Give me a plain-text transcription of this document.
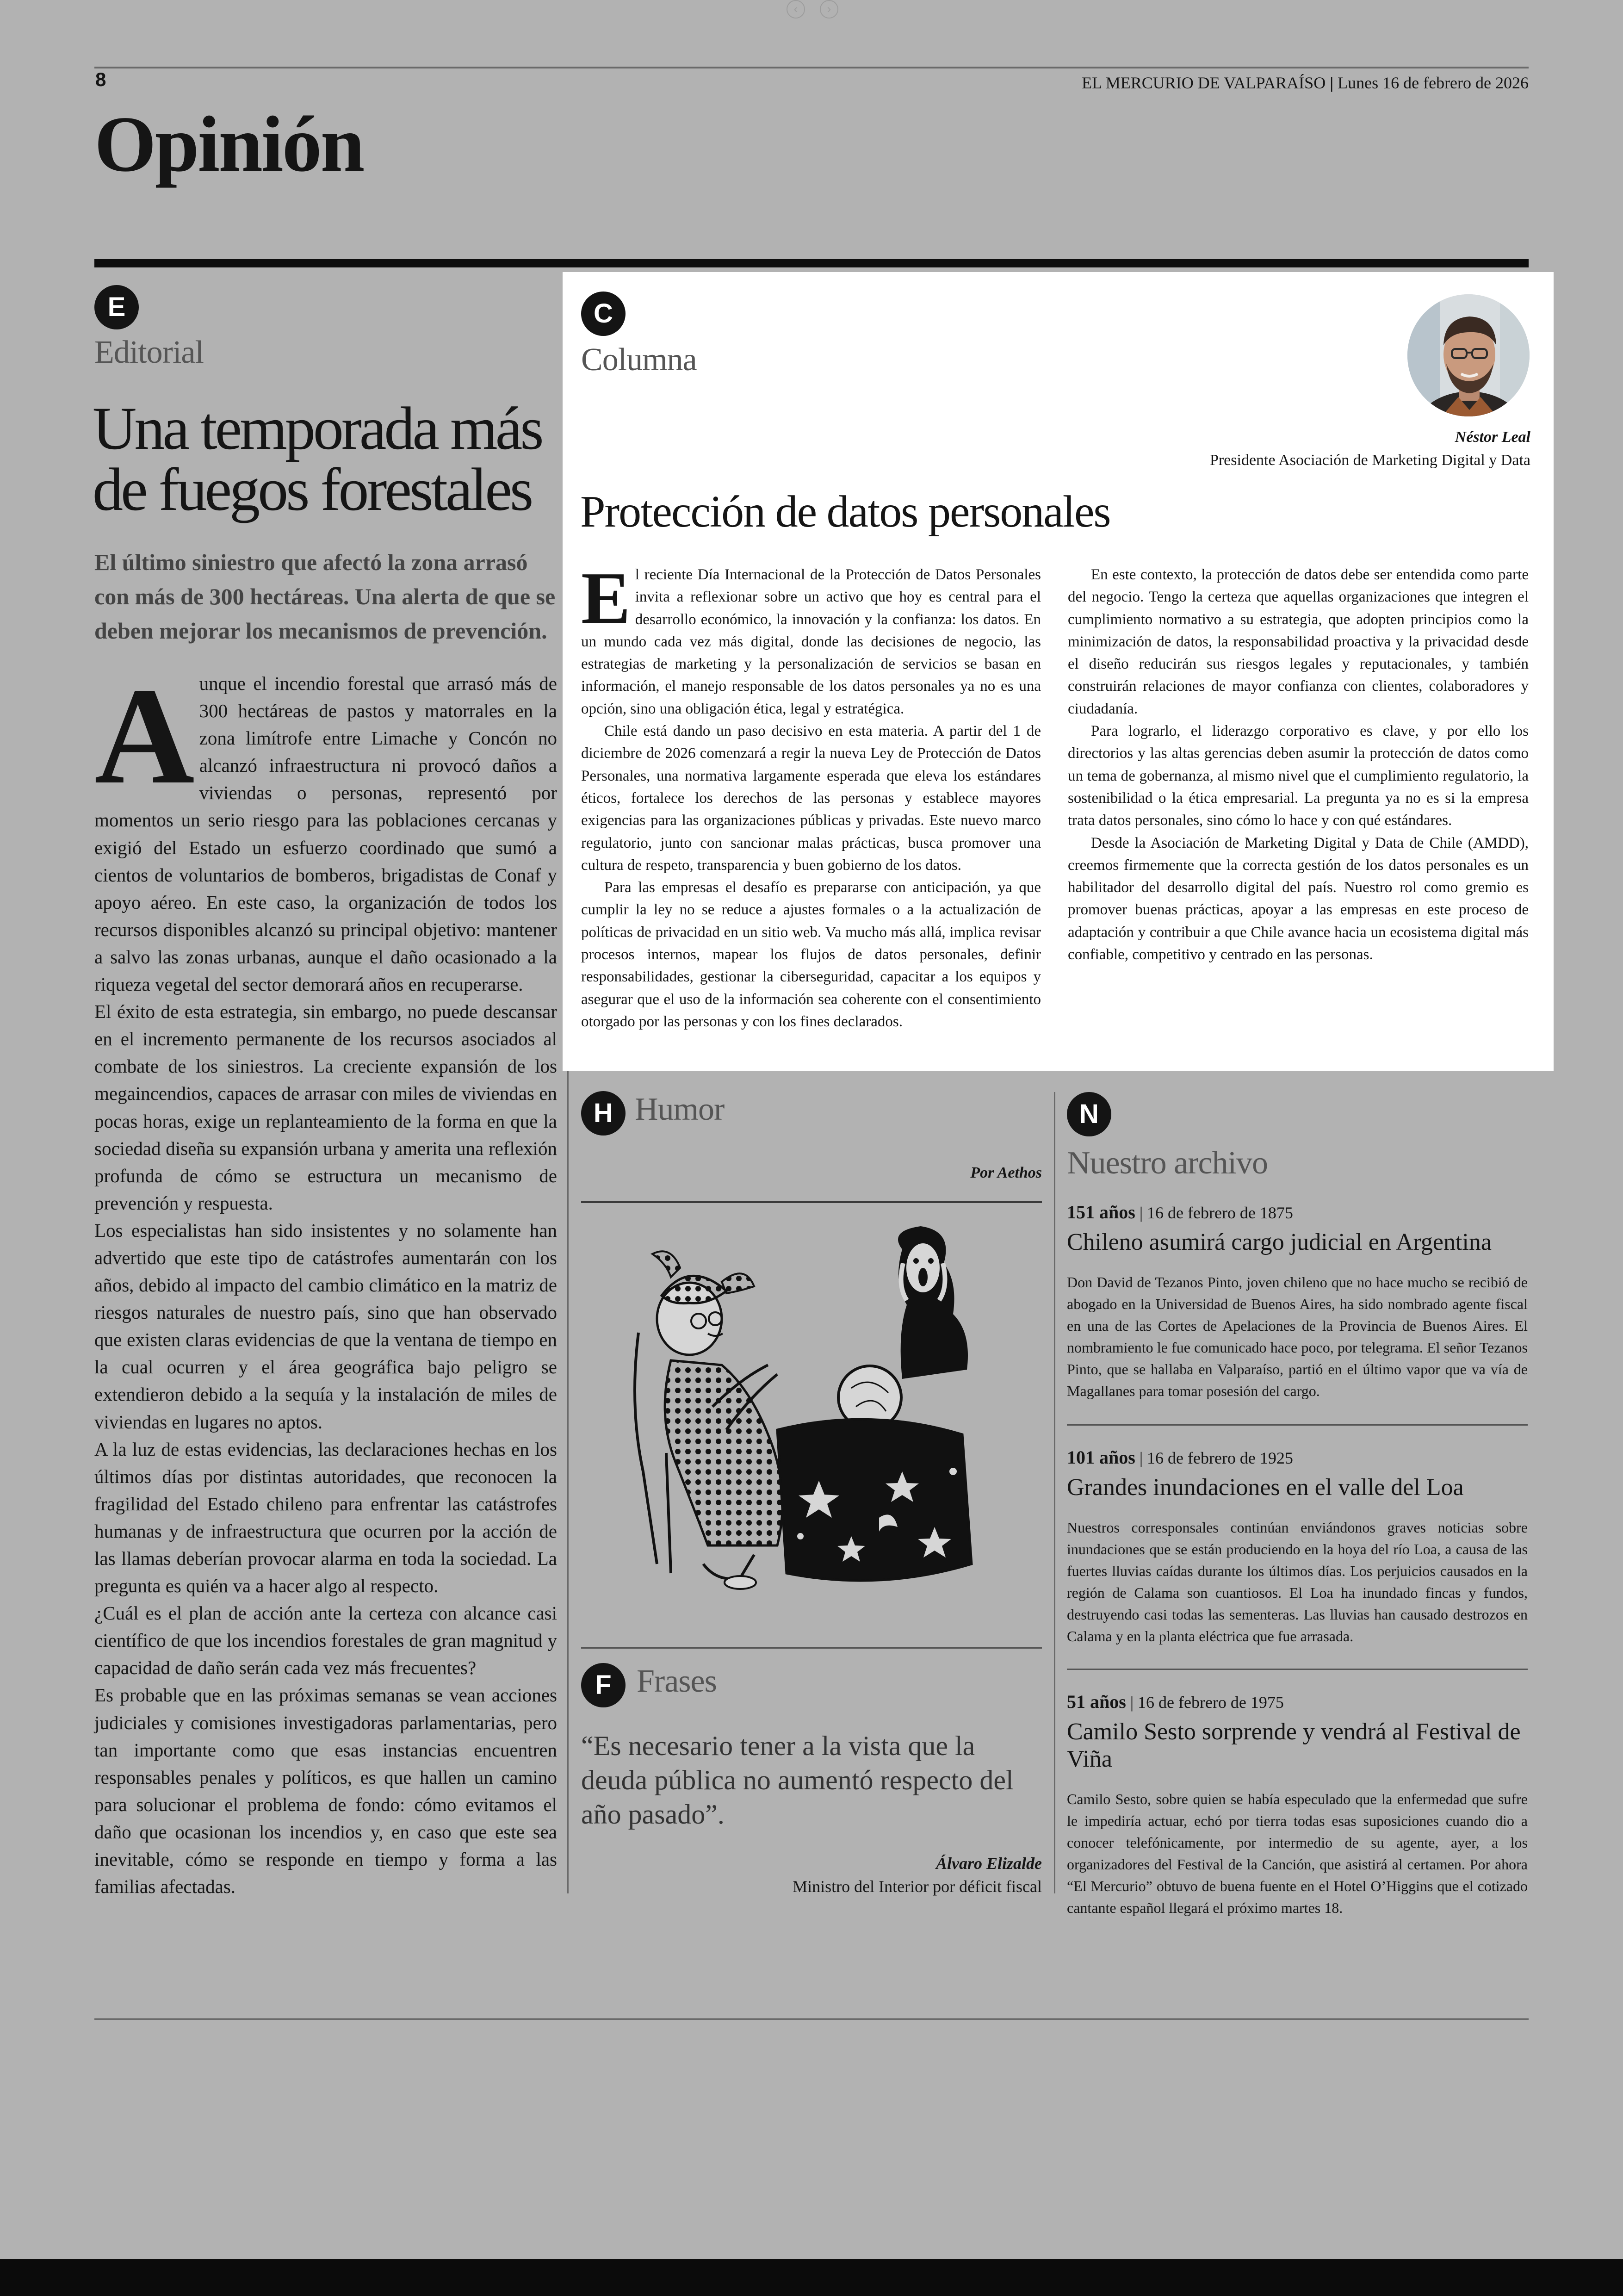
‹	›
8	EL MERCURIO DE VALPARAÍSO | Lunes 16 de febrero de 2026
Opinión
E
Editorial
Una temporada más
de fuegos forestales
El último siniestro que afectó la zona arrasó con más de 300 hectáreas. Una alerta de que se deben mejorar los mecanismos de prevención.

Aunque el incendio forestal que arrasó más de 300 hectáreas de pastos y matorrales en la zona limítrofe entre Limache y Concón no alcanzó infraestructura ni provocó daños a viviendas o personas, representó por momentos un serio riesgo para las poblaciones cercanas y exigió del Estado un esfuerzo coordinado que sumó a cientos de voluntarios de bomberos, brigadistas de Conaf y apoyo aéreo. En este caso, la organización de todos los recursos disponibles alcanzó su principal objetivo: mantener a salvo las zonas urbanas, aunque el daño ocasionado a la riqueza vegetal del sector demorará años en recuperarse.

El éxito de esta estrategia, sin embargo, no puede descansar en el incremento permanente de los recursos asociados al combate de los siniestros. La creciente expansión de los megaincendios, capaces de arrasar con miles de viviendas en pocas horas, exige un replanteamiento de la forma en que la sociedad diseña su expansión urbana y amerita una reflexión profunda de cómo se estructura un mecanismo de prevención y respuesta.

Los especialistas han sido insistentes y no solamente han advertido que este tipo de catástrofes aumentarán con los años, debido al impacto del cambio climático en la matriz de riesgos naturales de nuestro país, sino que han observado que existen claras evidencias de que la ventana de tiempo en la cual ocurren y el área geográfica bajo peligro se extendieron debido a la sequía y la instalación de miles de viviendas en lugares no aptos.

A la luz de estas evidencias, las declaraciones hechas en los últimos días por distintas autoridades, que reconocen la fragilidad del Estado chileno para enfrentar las catástrofes humanas y de infraestructura que ocurren por la acción de las llamas deberían provocar alarma en toda la sociedad. La pregunta es quién va a hacer algo al respecto.

¿Cuál es el plan de acción ante la certeza con alcance casi científico de que los incendios forestales de gran magnitud y capacidad de daño serán cada vez más frecuentes?

Es probable que en las próximas semanas se vean acciones judiciales y comisiones investigadoras parlamentarias, pero tan importante como que esas instancias encuentren responsables penales y políticos, es que hallen un camino para solucionar el problema de fondo: cómo evitamos el daño que ocasionan los incendios y, en caso que este sea inevitable, cómo se responde en tiempo y forma a las familias afectadas.

C
Columna
Néstor Leal
Presidente Asociación de Marketing Digital y Data
Protección de datos personales

El reciente Día Internacional de la Protección de Datos Personales invita a reflexionar sobre un activo que hoy es central para el desarrollo económico, la innovación y la confianza: los datos. En un mundo cada vez más digital, donde las decisiones de negocio, las estrategias de marketing y la personalización de servicios se basan en información, el manejo responsable de los datos personales ya no es una opción, sino una obligación ética, legal y estratégica.

Chile está dando un paso decisivo en esta materia. A partir del 1 de diciembre de 2026 comenzará a regir la nueva Ley de Protección de Datos Personales, una normativa largamente esperada que eleva los estándares éticos, fortalece los derechos de las personas y establece mayores exigencias para las organizaciones públicas y privadas. Este nuevo marco regulatorio, junto con sancionar malas prácticas, busca promover una cultura de respeto, transparencia y buen gobierno de los datos.

Para las empresas el desafío es prepararse con anticipación, ya que cumplir la ley no se reduce a ajustes formales o a la actualización de políticas de privacidad en un sitio web. Va mucho más allá, implica revisar procesos internos, mapear los flujos de datos personales, definir responsabilidades, gestionar la ciberseguridad, capacitar a los equipos y asegurar que el uso de la información sea coherente con el consentimiento otorgado por las personas y con los fines declarados.

En este contexto, la protección de datos debe ser entendida como parte del negocio. Tengo la certeza que aquellas organizaciones que integren el cumplimiento normativo a su estrategia, que adopten principios como la minimización de datos, la responsabilidad proactiva y la privacidad desde el diseño reducirán sus riesgos legales y reputacionales, y también construirán relaciones de mayor confianza con clientes, colaboradores y ciudadanía.

Para lograrlo, el liderazgo corporativo es clave, y por ello los directorios y las altas gerencias deben asumir la protección de datos como un tema de gobernanza, al mismo nivel que el cumplimiento regulatorio, la sostenibilidad o la ética empresarial. La pregunta ya no es si la empresa trata datos personales, sino cómo lo hace y con qué estándares.

Desde la Asociación de Marketing Digital y Data de Chile (AMDD), creemos firmemente que la correcta gestión de los datos personales es un habilitador del desarrollo digital del país. Nuestro rol como gremio es promover buenas prácticas, apoyar a las empresas en este proceso de adaptación y contribuir a que Chile avance hacia un ecosistema digital más confiable, competitivo y centrado en las personas.

H Humor
Por Aethos
F Frases
“Es necesario tener a la vista que la deuda pública no aumentó respecto del año pasado”.
Álvaro Elizalde
Ministro del Interior por déficit fiscal
N
Nuestro archivo
151 años | 16 de febrero de 1875
Chileno asumirá cargo judicial en Argentina
Don David de Tezanos Pinto, joven chileno que no hace mucho se recibió de abogado en la Universidad de Buenos Aires, ha sido nombrado agente fiscal en una de las Cortes de Apelaciones de la Provincia de Buenos Aires. El nombramiento le fue comunicado hace poco, por telegrama. El señor Tezanos Pinto, que se hallaba en Valparaíso, partió en el último vapor que va vía de Magallanes para tomar posesión del cargo.
101 años | 16 de febrero de 1925
Grandes inundaciones en el valle del Loa
Nuestros corresponsales continúan enviándonos graves noticias sobre inundaciones que se están produciendo en la hoya del río Loa, a causa de las fuertes lluvias caídas durante los últimos días. Los perjuicios causados en la región de Calama son cuantiosos. El Loa ha inundado fincas y fundos, destruyendo casi todas las sementeras. Las lluvias han causado destrozos en Calama y en la planta eléctrica que fue arrasada.
51 años | 16 de febrero de 1975
Camilo Sesto sorprende y vendrá al Festival de Viña
Camilo Sesto, sobre quien se había especulado que la enfermedad que sufre le impediría actuar, echó por tierra todas esas suposiciones cuando dio a conocer telefónicamente, por intermedio de su agente, ayer, a los organizadores del Festival de la Canción, que asistirá al certamen. Por ahora “El Mercurio” obtuvo de buena fuente en el Hotel O’Higgins que el cotizado cantante español llegará el próximo martes 18.
